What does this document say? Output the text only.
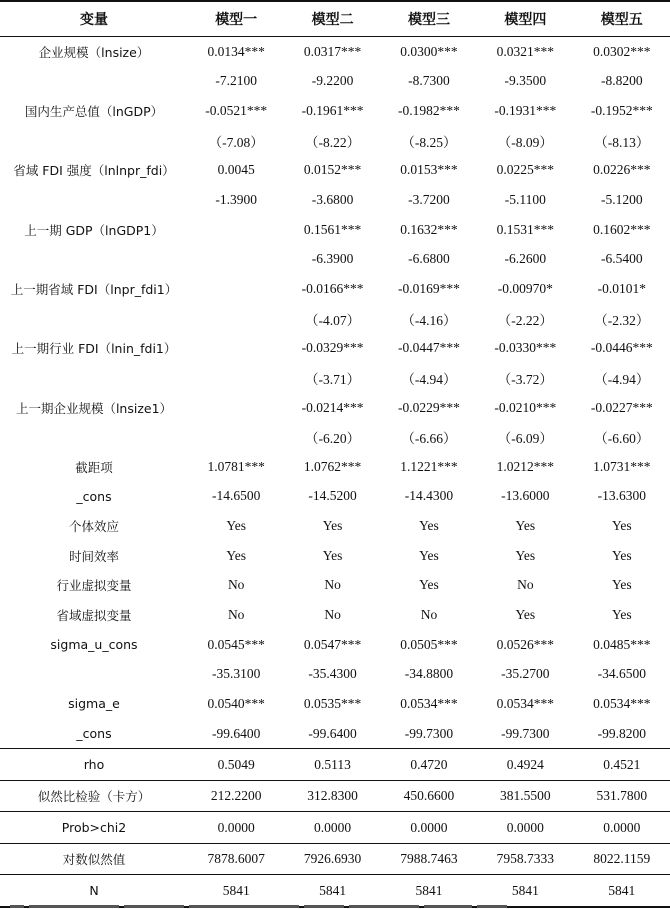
变量	模型一	模型二	模型三	模型四	模型五
企业规模（lnsize）	0.0134***	0.0317***	0.0300***	0.0321***	0.0302***
	-7.2100	-9.2200	-8.7300	-9.3500	-8.8200
国内生产总值（lnGDP）	-0.0521***	-0.1961***	-0.1982***	-0.1931***	-0.1952***
	（-7.08）	（-8.22）	（-8.25）	（-8.09）	（-8.13）
省域 FDI 强度（lnlnpr_fdi）	0.0045	0.0152***	0.0153***	0.0225***	0.0226***
	-1.3900	-3.6800	-3.7200	-5.1100	-5.1200
上一期 GDP（lnGDP1）		0.1561***	0.1632***	0.1531***	0.1602***
		-6.3900	-6.6800	-6.2600	-6.5400
上一期省域 FDI（lnpr_fdi1）		-0.0166***	-0.0169***	-0.00970*	-0.0101*
		（-4.07）	（-4.16）	（-2.22）	（-2.32）
上一期行业 FDI（lnin_fdi1）		-0.0329***	-0.0447***	-0.0330***	-0.0446***
		（-3.71）	（-4.94）	（-3.72）	（-4.94）
上一期企业规模（lnsize1）		-0.0214***	-0.0229***	-0.0210***	-0.0227***
		（-6.20）	（-6.66）	（-6.09）	（-6.60）
截距项	1.0781***	1.0762***	1.1221***	1.0212***	1.0731***
_cons	-14.6500	-14.5200	-14.4300	-13.6000	-13.6300
个体效应	Yes	Yes	Yes	Yes	Yes
时间效率	Yes	Yes	Yes	Yes	Yes
行业虚拟变量	No	No	Yes	No	Yes
省域虚拟变量	No	No	No	Yes	Yes
sigma_u_cons	0.0545***	0.0547***	0.0505***	0.0526***	0.0485***
	-35.3100	-35.4300	-34.8800	-35.2700	-34.6500
sigma_e	0.0540***	0.0535***	0.0534***	0.0534***	0.0534***
_cons	-99.6400	-99.6400	-99.7300	-99.7300	-99.8200
rho	0.5049	0.5113	0.4720	0.4924	0.4521
似然比检验（卡方）	212.2200	312.8300	450.6600	381.5500	531.7800
Prob>chi2	0.0000	0.0000	0.0000	0.0000	0.0000
对数似然值	7878.6007	7926.6930	7988.7463	7958.7333	8022.1159
N	5841	5841	5841	5841	5841
